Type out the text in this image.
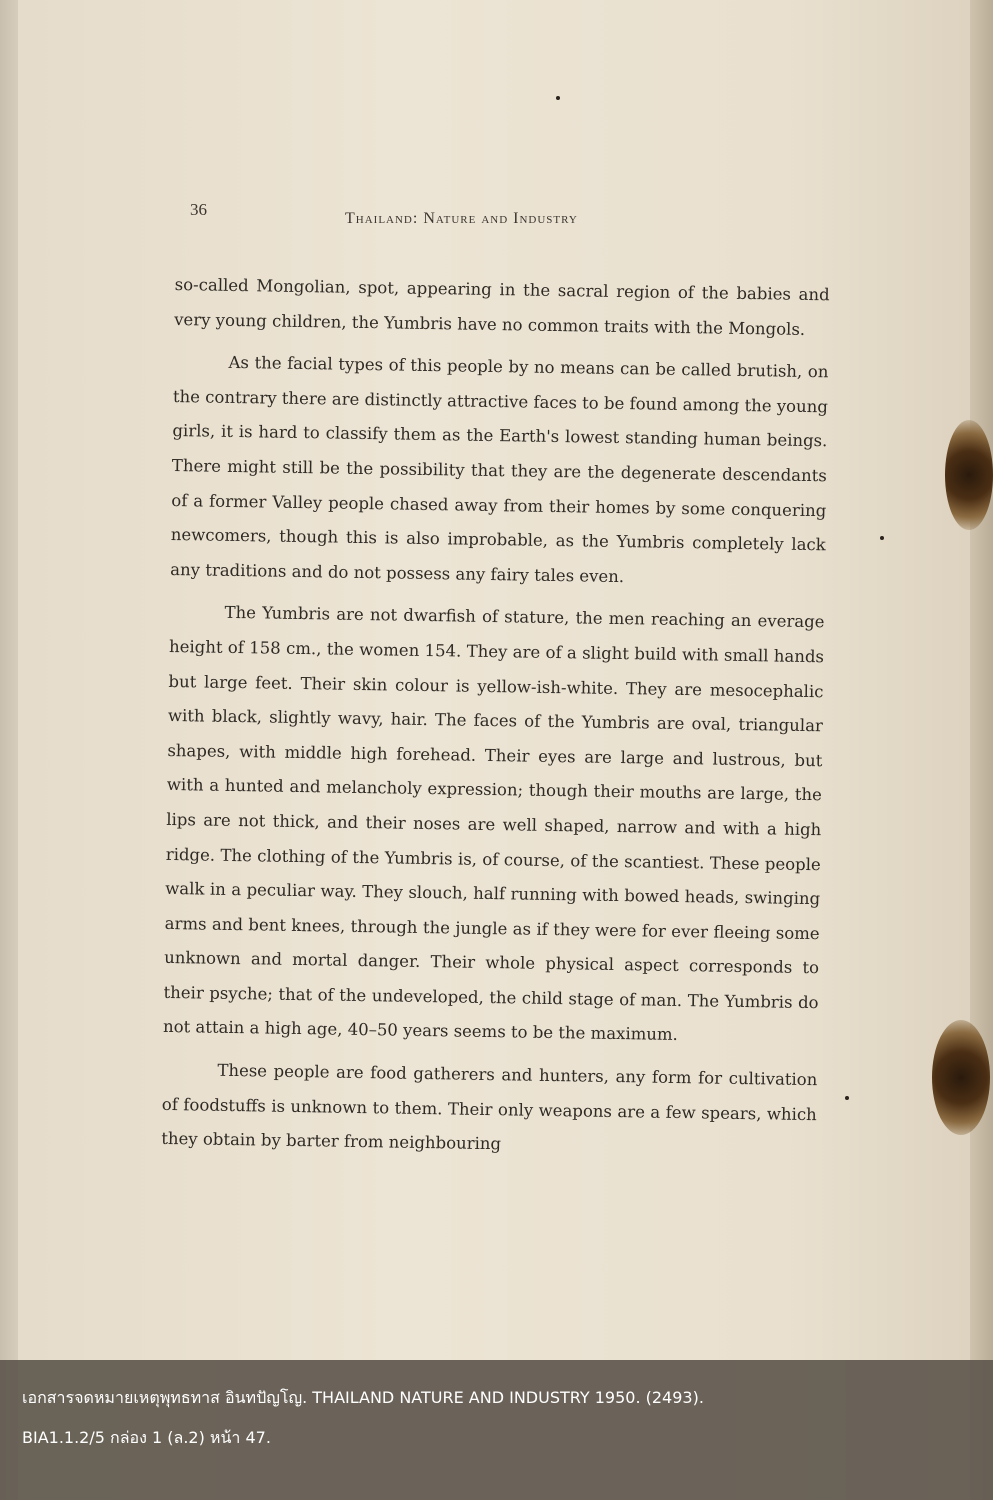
36	Thailand: Nature and Industry

so-called Mongolian, spot, appearing in the sacral region of the babies and very young children, the Yumbris have no common traits with the Mongols.

As the facial types of this people by no means can be called brutish, on the contrary there are distinctly attractive faces to be found among the young girls, it is hard to classify them as the Earth's lowest standing human beings. There might still be the possibility that they are the degenerate descendants of a former Valley people chased away from their homes by some conquering newcomers, though this is also improbable, as the Yumbris completely lack any traditions and do not possess any fairy tales even.

The Yumbris are not dwarfish of stature, the men reaching an everage height of 158 cm., the women 154. They are of a slight build with small hands but large feet. Their skin colour is yellow-ish-white. They are mesocephalic with black, slightly wavy, hair. The faces of the Yumbris are oval, triangular shapes, with middle high forehead. Their eyes are large and lustrous, but with a hunted and melancholy expression; though their mouths are large, the lips are not thick, and their noses are well shaped, narrow and with a high ridge. The clothing of the Yumbris is, of course, of the scantiest. These people walk in a peculiar way. They slouch, half running with bowed heads, swinging arms and bent knees, through the jungle as if they were for ever fleeing some unknown and mortal danger. Their whole physical aspect corresponds to their psyche; that of the undeveloped, the child stage of man. The Yumbris do not attain a high age, 40–50 years seems to be the maximum.

These people are food gatherers and hunters, any form for cultivation of foodstuffs is unknown to them. Their only weapons are a few spears, which they obtain by barter from neighbouring

เอกสารจดหมายเหตุพุทธทาส อินทปัญโญ. THAILAND NATURE AND INDUSTRY 1950. (2493).
BIA1.1.2/5 กล่อง 1 (ล.2) หน้า 47.
